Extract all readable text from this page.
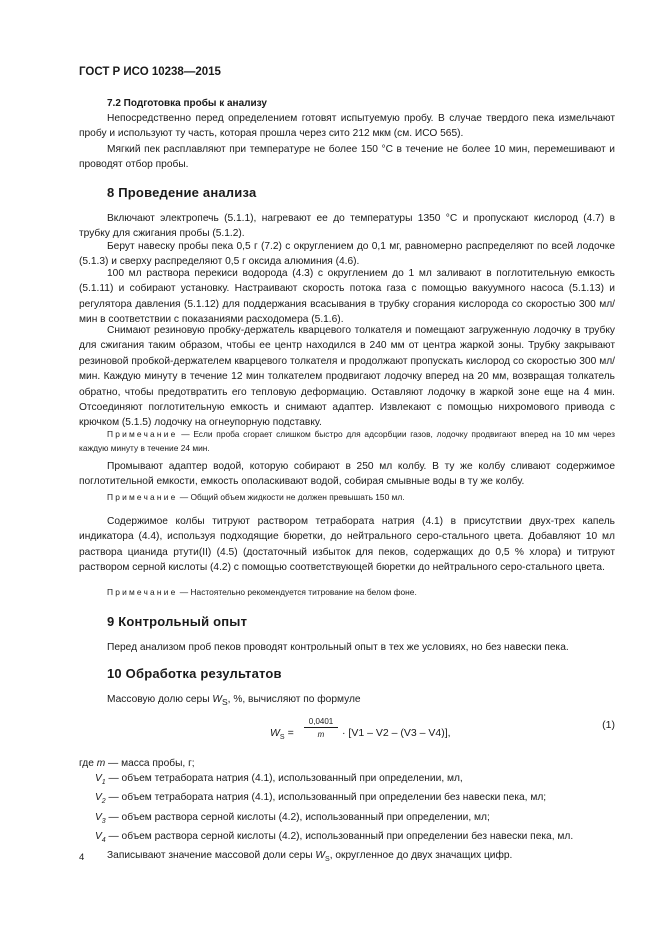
ГОСТ Р ИСО 10238—2015
7.2 Подготовка пробы к анализу
Непосредственно перед определением готовят испытуемую пробу. В случае твердого пека измельчают пробу и используют ту часть, которая прошла через сито 212 мкм (см. ИСО 565).
Мягкий пек расплавляют при температуре не более 150 °С в течение не более 10 мин, перемешивают и проводят отбор пробы.
8 Проведение анализа
Включают электропечь (5.1.1), нагревают ее до температуры 1350 °С и пропускают кислород (4.7) в трубку для сжигания пробы (5.1.2).
Берут навеску пробы пека 0,5 г (7.2) с округлением до 0,1 мг, равномерно распределяют по всей лодочке (5.1.3) и сверху распределяют 0,5 г оксида алюминия (4.6).
100 мл раствора перекиси водорода (4.3) с округлением до 1 мл заливают в поглотительную емкость (5.1.11) и собирают установку. Настраивают скорость потока газа с помощью вакуумного насоса (5.1.13) и регулятора давления (5.1.12) для поддержания всасывания в трубку сгорания кислорода со скоростью 300 мл/мин в соответствии с показаниями расходомера (5.1.6).
Снимают резиновую пробку-держатель кварцевого толкателя и помещают загруженную лодочку в трубку для сжигания таким образом, чтобы ее центр находился в 240 мм от центра жаркой зоны. Трубку закрывают резиновой пробкой-держателем кварцевого толкателя и продолжают пропускать кислород со скоростью 300 мл/мин. Каждую минуту в течение 12 мин толкателем продвигают лодочку вперед на 20 мм, возвращая толкатель обратно, чтобы предотвратить его тепловую деформацию. Оставляют лодочку в жаркой зоне еще на 4 мин. Отсоединяют поглотительную емкость и снимают адаптер. Извлекают с помощью нихромового привода с крючком (5.1.5) лодочку на огнеупорную подставку.
Примечание — Если проба сгорает слишком быстро для адсорбции газов, лодочку продвигают вперед на 10 мм через каждую минуту в течение 24 мин.
Промывают адаптер водой, которую собирают в 250 мл колбу. В ту же колбу сливают содержимое поглотительной емкости, емкость ополаскивают водой, собирая смывные воды в ту же колбу.
Примечание — Общий объем жидкости не должен превышать 150 мл.
Содержимое колбы титруют раствором тетрабората натрия (4.1) в присутствии двух-трех капель индикатора (4.4), используя подходящие бюретки, до нейтрального серо-стального цвета. Добавляют 10 мл раствора цианида ртути(II) (4.5) (достаточный избыток для пеков, содержащих до 0,5 % хлора) и титруют раствором серной кислоты (4.2) с помощью соответствующей бюретки до нейтрального серо-стального цвета.
Примечание — Настоятельно рекомендуется титрование на белом фоне.
9 Контрольный опыт
Перед анализом проб пеков проводят контрольный опыт в тех же условиях, но без навески пека.
10 Обработка результатов
Массовую долю серы $W_S$, %, вычисляют по формуле
$W_S = \frac{0,0401}{m} \cdot [V1 - V2 - (V3 - V4)]$,
(1)
где m — масса пробы, г;
$V_1$ — объем тетрабората натрия (4.1), использованный при определении, мл,
$V_2$ — объем тетрабората натрия (4.1), использованный при определении без навески пека, мл;
$V_3$ — объем раствора серной кислоты (4.2), использованный при определении, мл;
$V_4$ — объем раствора серной кислоты (4.2), использованный при определении без навески пека, мл.
Записывают значение массовой доли серы $W_S$, округленное до двух значащих цифр.
4
